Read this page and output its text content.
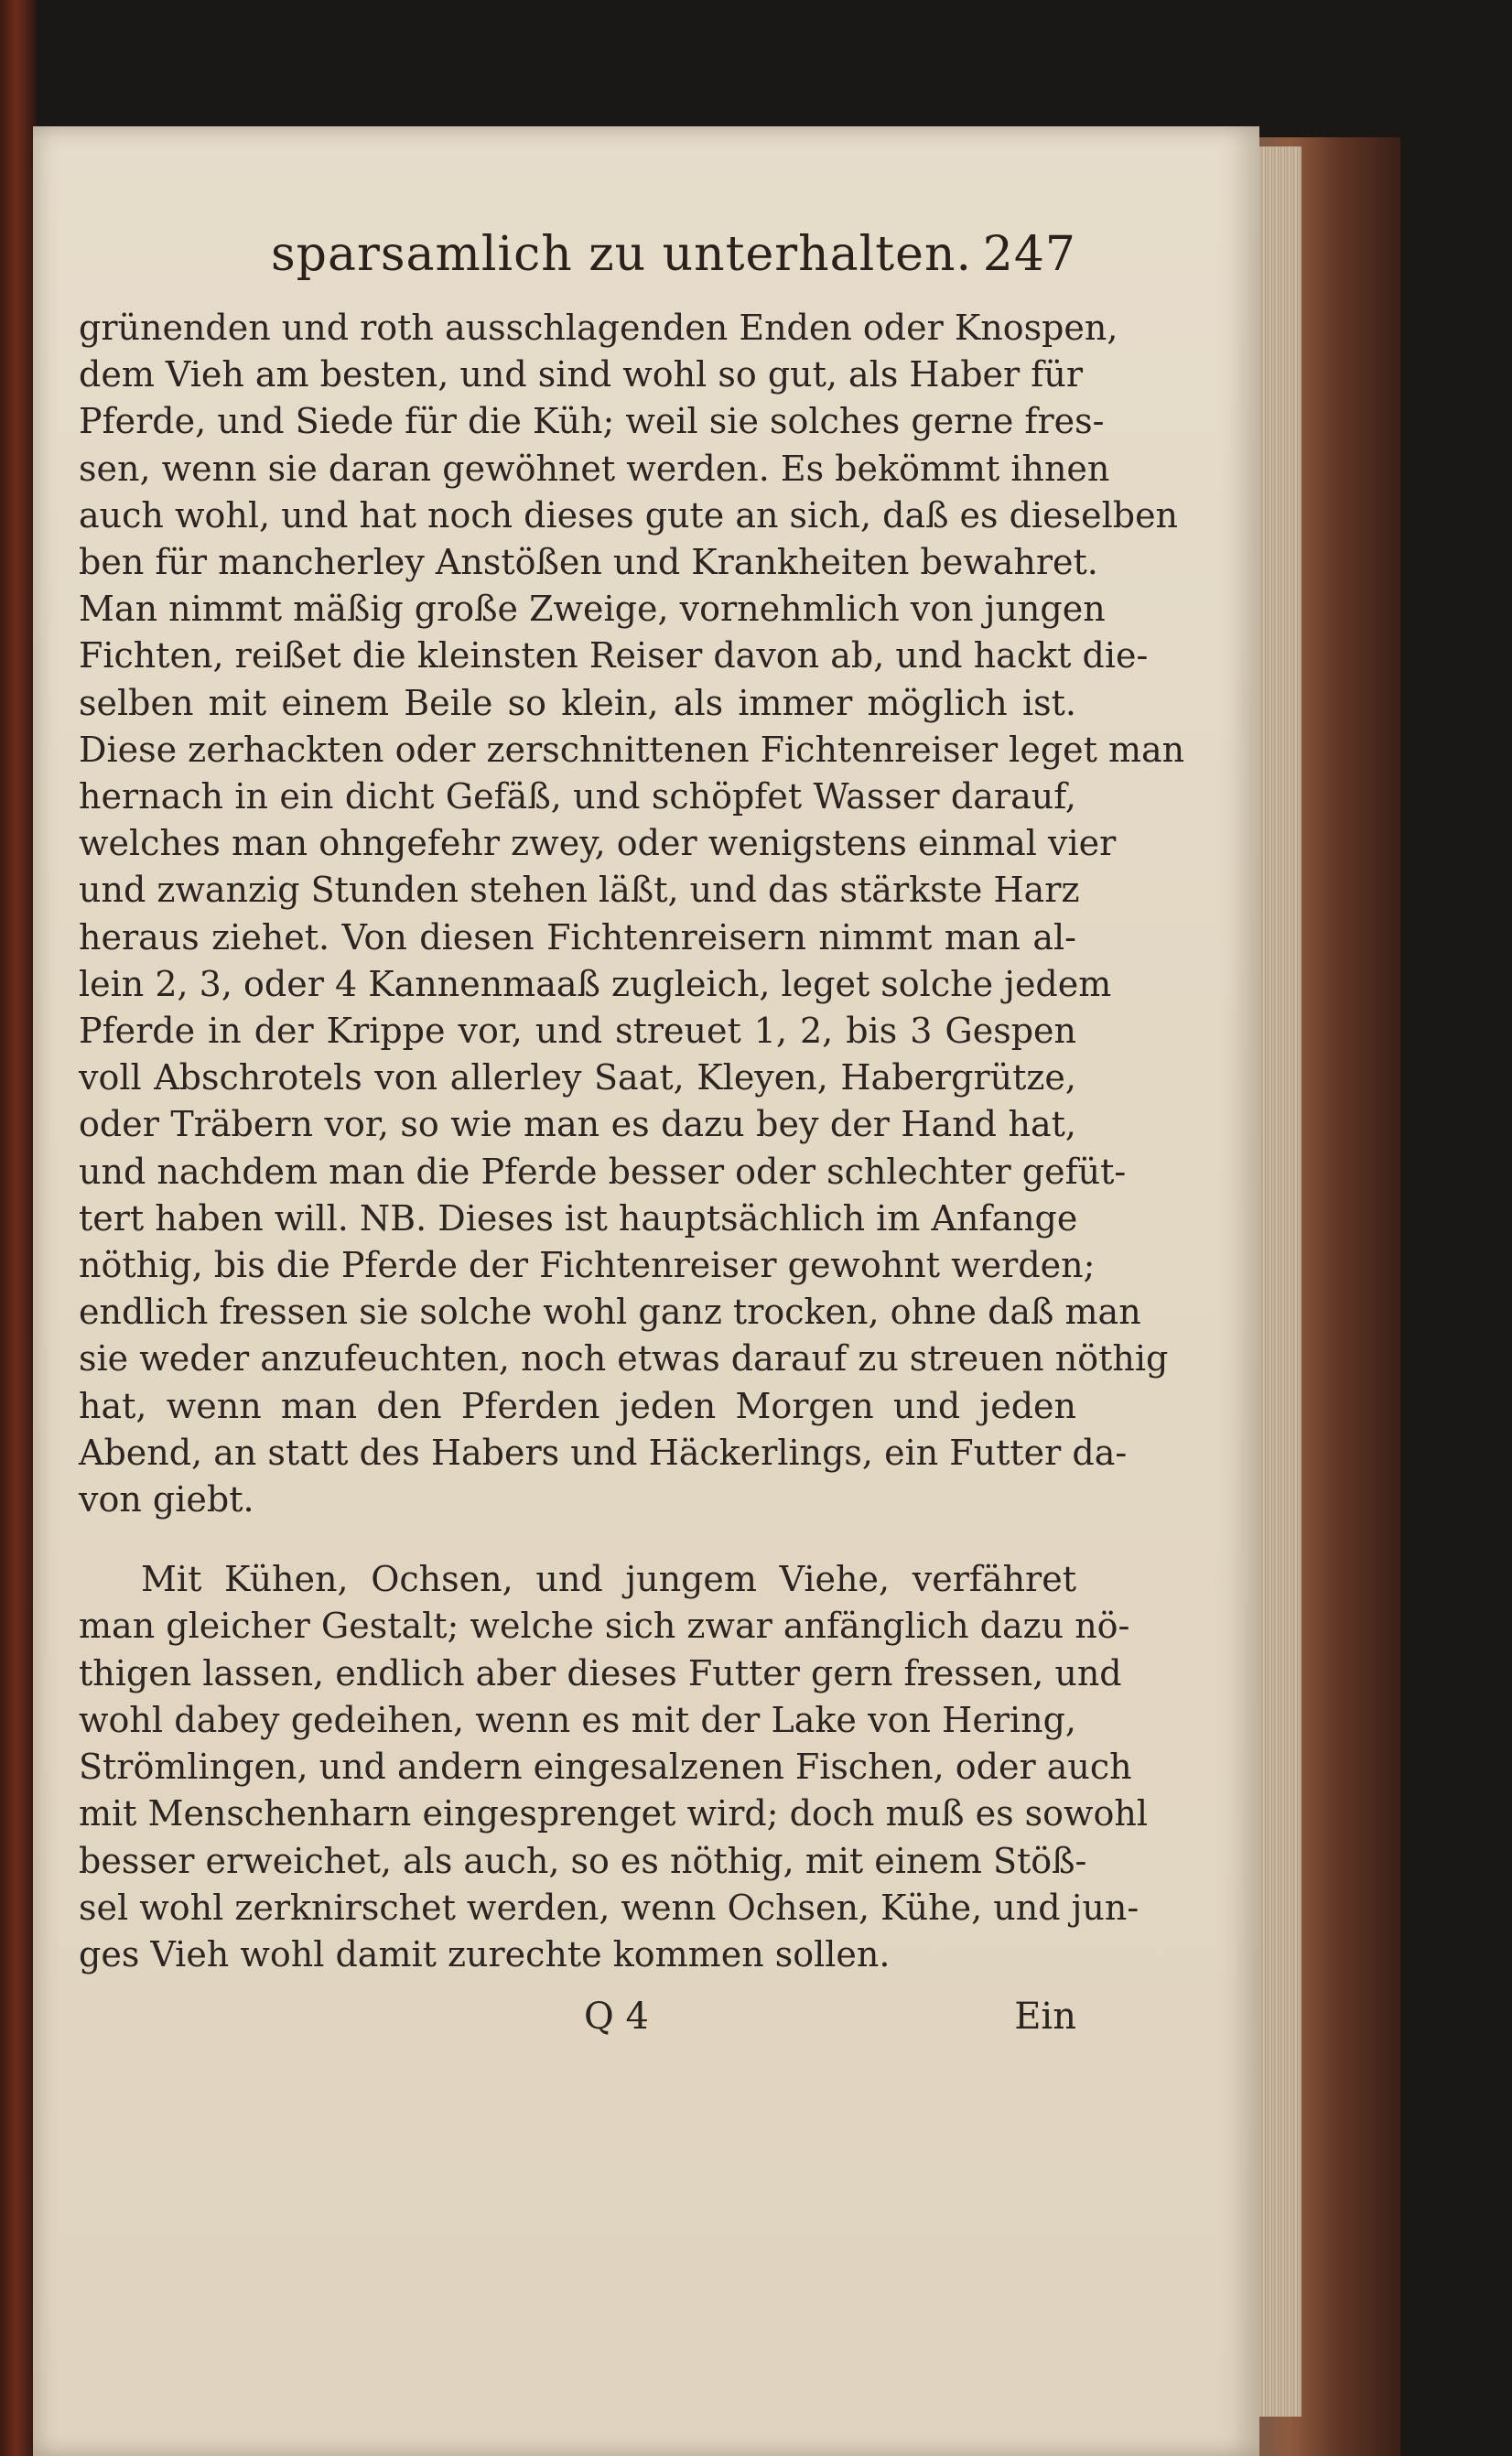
sparsamlich zu unterhalten. 247
grünenden und roth ausschlagenden Enden oder Knospen,
dem Vieh am besten, und sind wohl so gut, als Haber für
Pferde, und Siede für die Küh; weil sie solches gerne fres-
sen, wenn sie daran gewöhnet werden. Es bekömmt ihnen
auch wohl, und hat noch dieses gute an sich, daß es dieselben
ben für mancherley Anstößen und Krankheiten bewahret.
Man nimmt mäßig große Zweige, vornehmlich von jungen
Fichten, reißet die kleinsten Reiser davon ab, und hackt die-
selben mit einem Beile so klein, als immer möglich ist.
Diese zerhackten oder zerschnittenen Fichtenreiser leget man
hernach in ein dicht Gefäß, und schöpfet Wasser darauf,
welches man ohngefehr zwey, oder wenigstens einmal vier
und zwanzig Stunden stehen läßt, und das stärkste Harz
heraus ziehet. Von diesen Fichtenreisern nimmt man al-
lein 2, 3, oder 4 Kannenmaaß zugleich, leget solche jedem
Pferde in der Krippe vor, und streuet 1, 2, bis 3 Gespen
voll Abschrotels von allerley Saat, Kleyen, Habergrütze,
oder Träbern vor, so wie man es dazu bey der Hand hat,
und nachdem man die Pferde besser oder schlechter gefüt-
tert haben will. NB. Dieses ist hauptsächlich im Anfange
nöthig, bis die Pferde der Fichtenreiser gewohnt werden;
endlich fressen sie solche wohl ganz trocken, ohne daß man
sie weder anzufeuchten, noch etwas darauf zu streuen nöthig
hat, wenn man den Pferden jeden Morgen und jeden
Abend, an statt des Habers und Häckerlings, ein Futter da-
von giebt.
Mit Kühen, Ochsen, und jungem Viehe, verfähret
man gleicher Gestalt; welche sich zwar anfänglich dazu nö-
thigen lassen, endlich aber dieses Futter gern fressen, und
wohl dabey gedeihen, wenn es mit der Lake von Hering,
Strömlingen, und andern eingesalzenen Fischen, oder auch
mit Menschenharn eingesprenget wird; doch muß es sowohl
besser erweichet, als auch, so es nöthig, mit einem Stöß-
sel wohl zerknirschet werden, wenn Ochsen, Kühe, und jun-
ges Vieh wohl damit zurechte kommen sollen.
Q 4	Ein
